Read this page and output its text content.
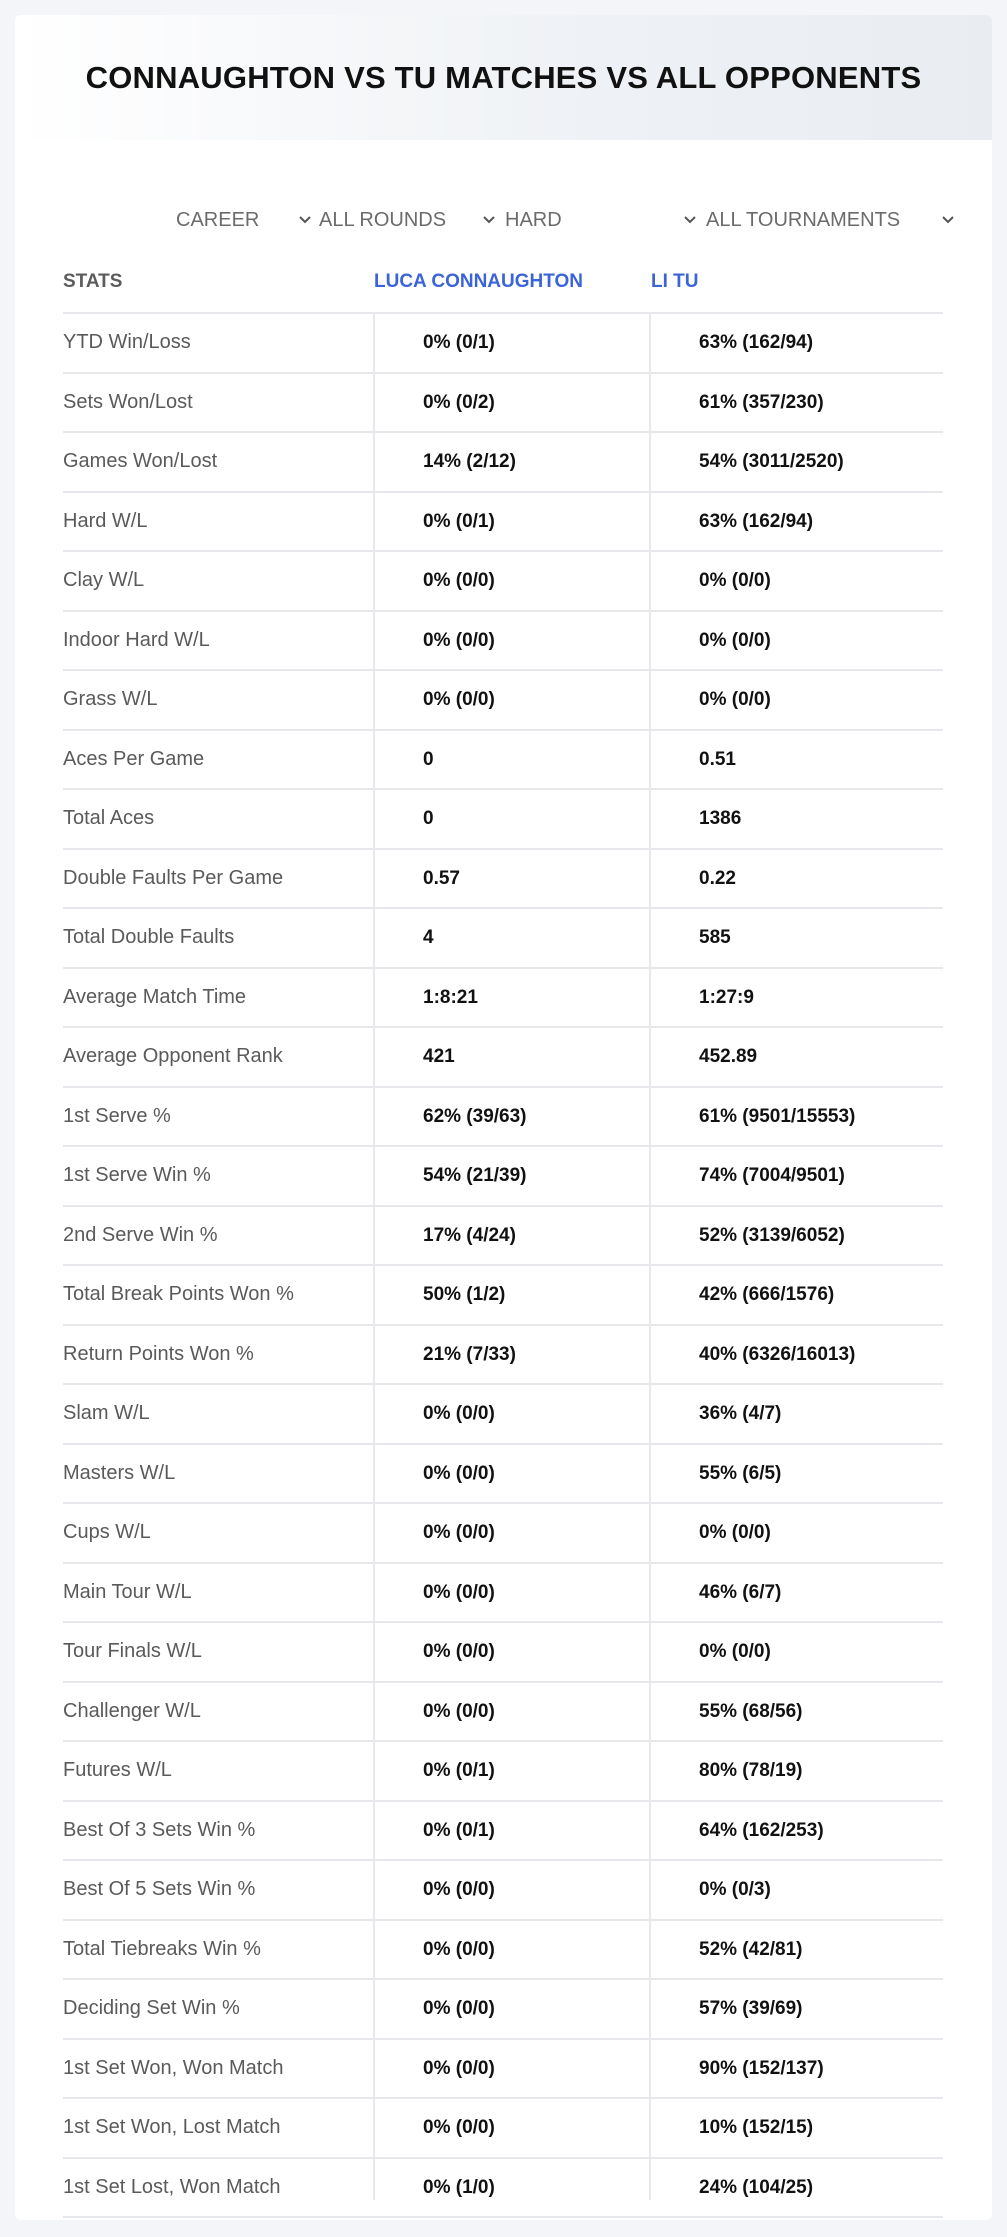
CONNAUGHTON VS TU MATCHES VS ALL OPPONENTS
CAREER	ALL ROUNDS	HARD	ALL TOURNAMENTS
STATS	LUCA CONNAUGHTON	LI TU
YTD Win/Loss	0% (0/1)	63% (162/94)
Sets Won/Lost	0% (0/2)	61% (357/230)
Games Won/Lost	14% (2/12)	54% (3011/2520)
Hard W/L	0% (0/1)	63% (162/94)
Clay W/L	0% (0/0)	0% (0/0)
Indoor Hard W/L	0% (0/0)	0% (0/0)
Grass W/L	0% (0/0)	0% (0/0)
Aces Per Game	0	0.51
Total Aces	0	1386
Double Faults Per Game	0.57	0.22
Total Double Faults	4	585
Average Match Time	1:8:21	1:27:9
Average Opponent Rank	421	452.89
1st Serve %	62% (39/63)	61% (9501/15553)
1st Serve Win %	54% (21/39)	74% (7004/9501)
2nd Serve Win %	17% (4/24)	52% (3139/6052)
Total Break Points Won %	50% (1/2)	42% (666/1576)
Return Points Won %	21% (7/33)	40% (6326/16013)
Slam W/L	0% (0/0)	36% (4/7)
Masters W/L	0% (0/0)	55% (6/5)
Cups W/L	0% (0/0)	0% (0/0)
Main Tour W/L	0% (0/0)	46% (6/7)
Tour Finals W/L	0% (0/0)	0% (0/0)
Challenger W/L	0% (0/0)	55% (68/56)
Futures W/L	0% (0/1)	80% (78/19)
Best Of 3 Sets Win %	0% (0/1)	64% (162/253)
Best Of 5 Sets Win %	0% (0/0)	0% (0/3)
Total Tiebreaks Win %	0% (0/0)	52% (42/81)
Deciding Set Win %	0% (0/0)	57% (39/69)
1st Set Won, Won Match	0% (0/0)	90% (152/137)
1st Set Won, Lost Match	0% (0/0)	10% (152/15)
1st Set Lost, Won Match	0% (1/0)	24% (104/25)
